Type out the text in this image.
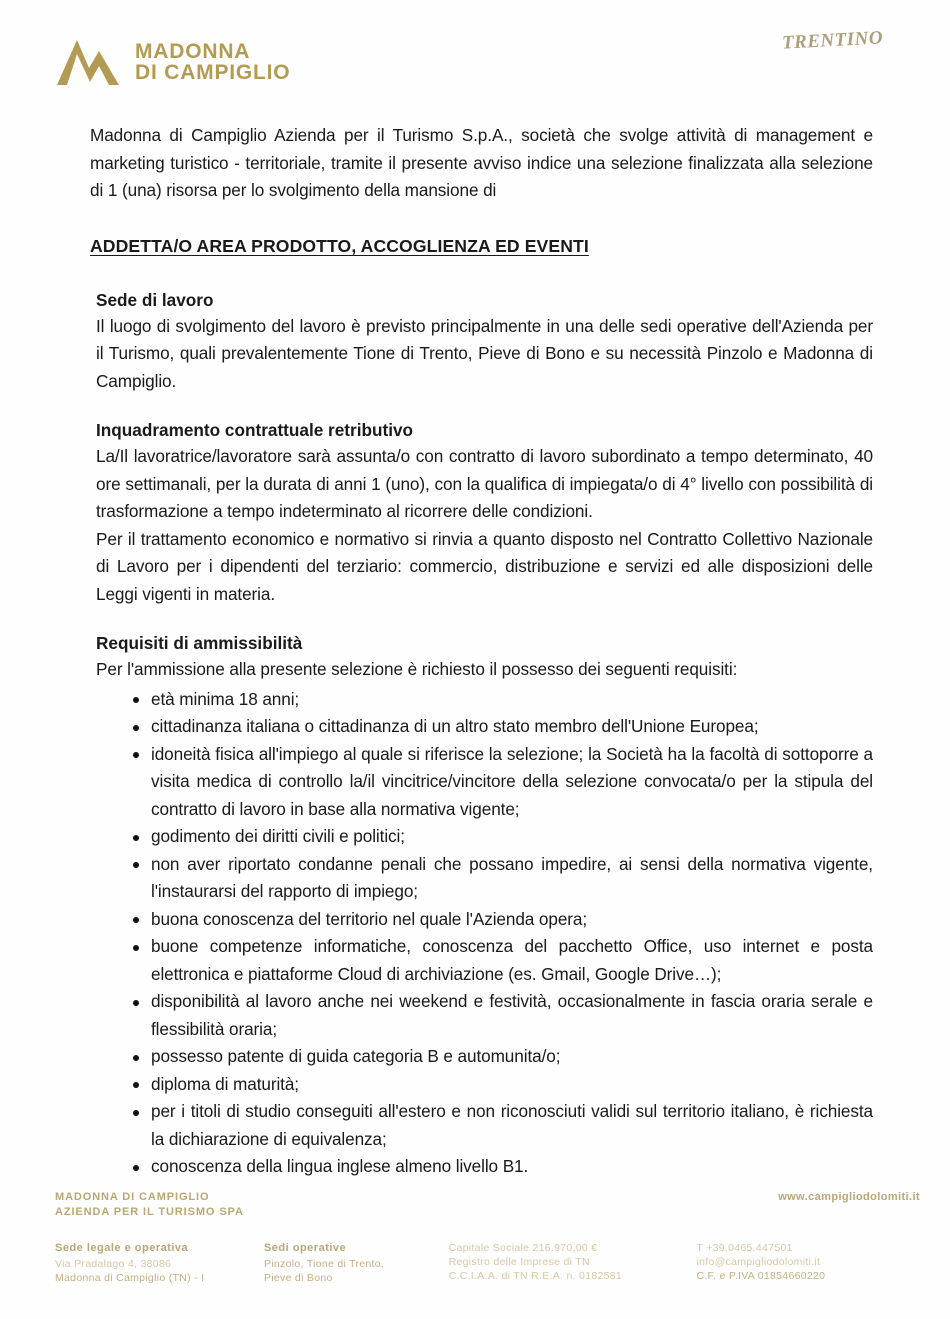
MADONNA
DI CAMPIGLIO
TRENTINO

Madonna di Campiglio Azienda per il Turismo S.p.A., società che svolge attività di management e marketing turistico - territoriale, tramite il presente avviso indice una selezione finalizzata alla selezione di 1 (una) risorsa per lo svolgimento della mansione di

ADDETTA/O AREA PRODOTTO, ACCOGLIENZA ED EVENTI
Sede di lavoro

Il luogo di svolgimento del lavoro è previsto principalmente in una delle sedi operative dell'Azienda per il Turismo, quali prevalentemente Tione di Trento, Pieve di Bono e su necessità Pinzolo e Madonna di Campiglio.

Inquadramento contrattuale retributivo

La/Il lavoratrice/lavoratore sarà assunta/o con contratto di lavoro subordinato a tempo determinato, 40 ore settimanali, per la durata di anni 1 (uno), con la qualifica di impiegata/o di 4° livello con possibilità di trasformazione a tempo indeterminato al ricorrere delle condizioni.

Per il trattamento economico e normativo si rinvia a quanto disposto nel Contratto Collettivo Nazionale di Lavoro per i dipendenti del terziario: commercio, distribuzione e servizi ed alle disposizioni delle Leggi vigenti in materia.

Requisiti di ammissibilità

Per l'ammissione alla presente selezione è richiesto il possesso dei seguenti requisiti:

età minima 18 anni;
cittadinanza italiana o cittadinanza di un altro stato membro dell'Unione Europea;
idoneità fisica all'impiego al quale si riferisce la selezione; la Società ha la facoltà di sottoporre a visita medica di controllo la/il vincitrice/vincitore della selezione convocata/o per la stipula del contratto di lavoro in base alla normativa vigente;
godimento dei diritti civili e politici;
non aver riportato condanne penali che possano impedire, ai sensi della normativa vigente, l'instaurarsi del rapporto di impiego;
buona conoscenza del territorio nel quale l'Azienda opera;
buone competenze informatiche, conoscenza del pacchetto Office, uso internet e posta elettronica e piattaforme Cloud di archiviazione (es. Gmail, Google Drive…);
disponibilità al lavoro anche nei weekend e festività, occasionalmente in fascia oraria serale e flessibilità oraria;
possesso patente di guida categoria B e automunita/o;
diploma di maturità;
per i titoli di studio conseguiti all'estero e non riconosciuti validi sul territorio italiano, è richiesta la dichiarazione di equivalenza;
conoscenza della lingua inglese almeno livello B1.
MADONNA DI CAMPIGLIO
AZIENDA PER IL TURISMO SPA
www.campigliodolomiti.it
Sede legale e operativa
Via Pradalago 4, 38086
Madonna di Campiglio (TN) - I
Sedi operative
Pinzolo, Tione di Trento,
Pieve di Bono
Capitale Sociale 216.970,00 €
Registro delle Imprese di TN
C.C.I.A.A. di TN R.E.A. n. 0182581
T +39.0465.447501
info@campigliodolomiti.it
C.F. e P.IVA 01854660220
